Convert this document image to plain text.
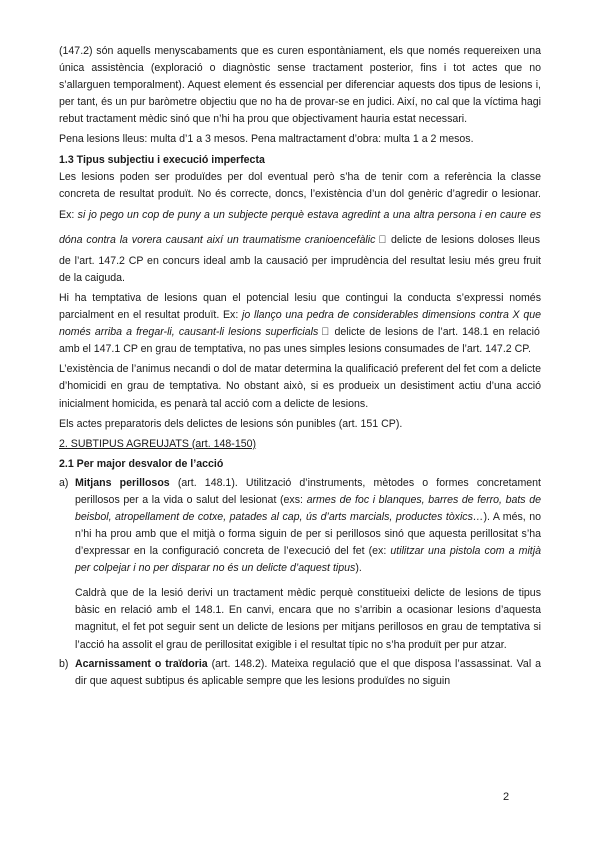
(147.2) són aquells menyscabaments que es curen espontàniament, els que només requereixen una única assistència (exploració o diagnòstic sense tractament posterior, fins i tot actes que no s’allarguen temporalment). Aquest element és essencial per diferenciar aquests dos tipus de lesions i, per tant, és un pur baròmetre objectiu que no ha de provar-se en judici. Així, no cal que la víctima hagi rebut tractament mèdic sinó que n’hi ha prou que objectivament hauria estat necessari.

Pena lesions lleus: multa d’1 a 3 mesos. Pena maltractament d’obra: multa 1 a 2 mesos.

1.3 Tipus subjectiu i execució imperfecta

Les lesions poden ser produïdes per dol eventual però s’ha de tenir com a referència la classe concreta de resultat produït. No és correcte, doncs, l’existència d’un dol genèric d’agredir o lesionar. Ex: si jo pego un cop de puny a un subjecte perquè estava agredint a una altra persona i en caure es dóna contra la vorera causant així un traumatisme cranioencefàlic ⃞ delicte de lesions doloses lleus de l’art. 147.2 CP en concurs ideal amb la causació per imprudència del resultat lesiu més greu fruit de la caiguda.

Hi ha temptativa de lesions quan el potencial lesiu que contingui la conducta s’expressi només parcialment en el resultat produït. Ex: jo llanço una pedra de considerables dimensions contra X que només arriba a fregar-li, causant-li lesions superficials ⃞ delicte de lesions de l’art. 148.1 en relació amb el 147.1 CP en grau de temptativa, no pas unes simples lesions consumades de l’art. 147.2 CP.

L’existència de l’animus necandi o dol de matar determina la qualificació preferent del fet com a delicte d’homicidi en grau de temptativa. No obstant això, si es produeix un desistiment actiu d’una acció inicialment homicida, es penarà tal acció com a delicte de lesions.

Els actes preparatoris dels delictes de lesions són punibles (art. 151 CP).

2. SUBTIPUS AGREUJATS (art. 148-150)
2.1 Per major desvalor de l’acció
a) Mitjans perillosos (art. 148.1). Utilització d’instruments, mètodes o formes concretament perillosos per a la vida o salut del lesionat (exs: armes de foc i blanques, barres de ferro, bats de beisbol, atropellament de cotxe, patades al cap, ús d’arts marcials, productes tòxics…). A més, no n’hi ha prou amb que el mitjà o forma siguin de per si perillosos sinó que aquesta perillositat s’ha d’expressar en la configuració concreta de l’execució del fet (ex: utilitzar una pistola com a mitjà per colpejar i no per disparar no és un delicte d’aquest tipus).

Caldrà que de la lesió derivi un tractament mèdic perquè constitueixi delicte de lesions de tipus bàsic en relació amb el 148.1. En canvi, encara que no s’arribin a ocasionar lesions d’aquesta magnitut, el fet pot seguir sent un delicte de lesions per mitjans perillosos en grau de temptativa si l’acció ha assolit el grau de perillositat exigible i el resultat típic no s’ha produït per pur atzar.

b) Acarnissament o traïdoria (art. 148.2). Mateixa regulació que el que disposa l’assassinat. Val a dir que aquest subtipus és aplicable sempre que les lesions produïdes no siguin

2
